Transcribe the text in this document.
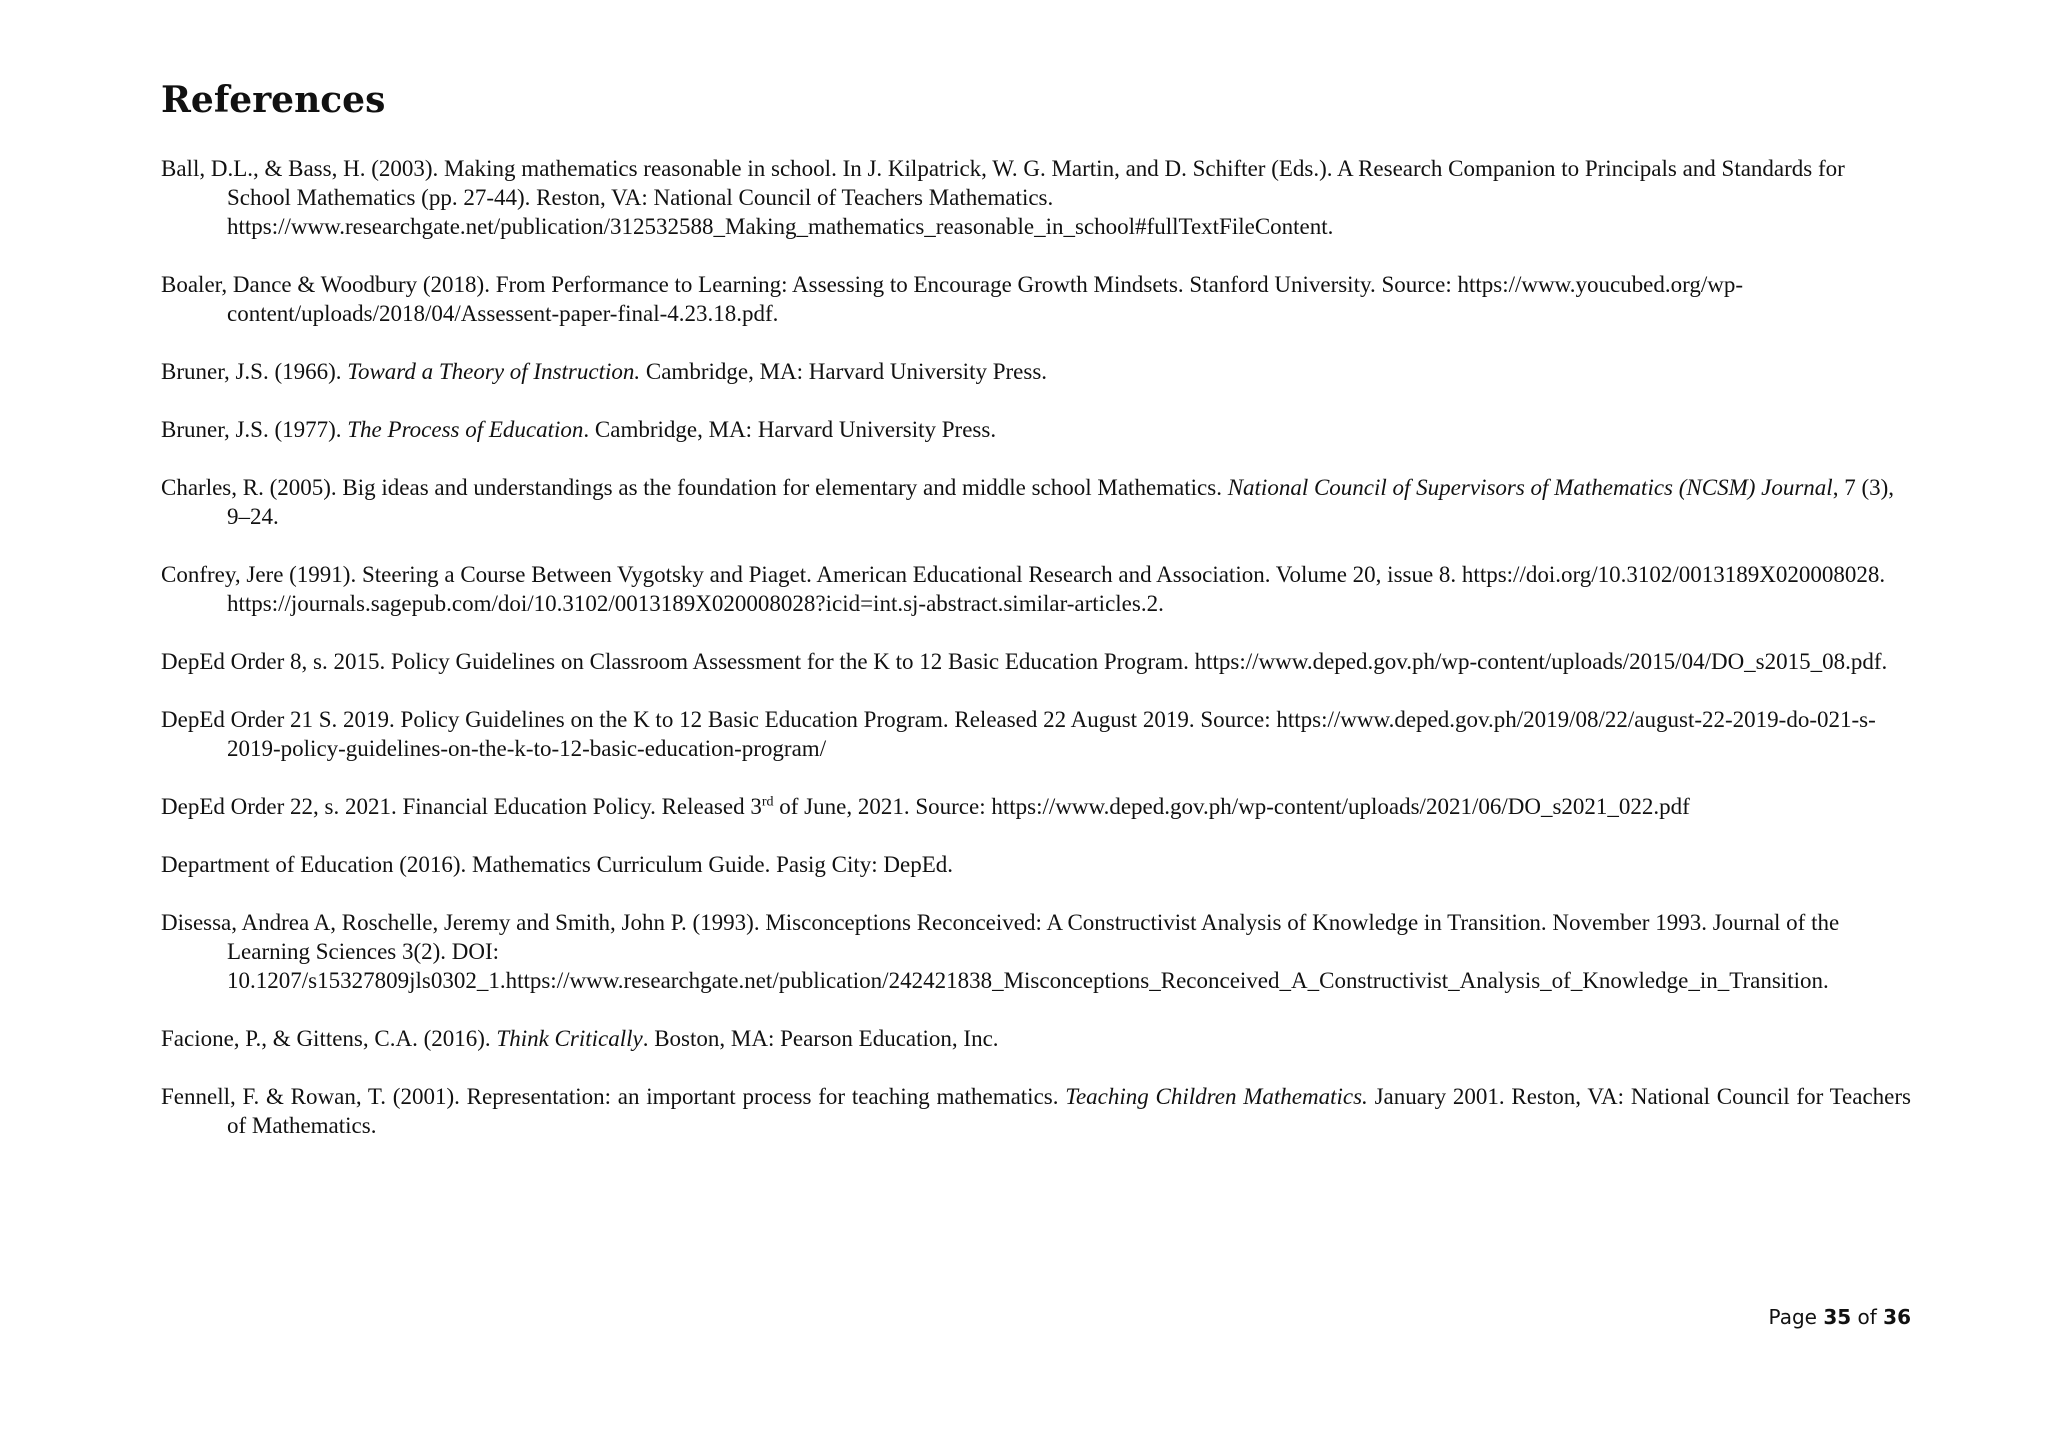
References
Ball, D.L., & Bass, H. (2003). Making mathematics reasonable in school. In J. Kilpatrick, W. G. Martin, and D. Schifter (Eds.). A Research Companion to Principals and Standards for School Mathematics (pp. 27-44). Reston, VA: National Council of Teachers Mathematics. https://www.researchgate.net/publication/312532588_Making_mathematics_reasonable_in_school#fullTextFileContent.
Boaler, Dance & Woodbury (2018). From Performance to Learning: Assessing to Encourage Growth Mindsets. Stanford University. Source: https://www.youcubed.org/wp-content/uploads/2018/04/Assessent-paper-final-4.23.18.pdf.
Bruner, J.S. (1966). Toward a Theory of Instruction. Cambridge, MA: Harvard University Press.
Bruner, J.S. (1977). The Process of Education. Cambridge, MA: Harvard University Press.
Charles, R. (2005). Big ideas and understandings as the foundation for elementary and middle school Mathematics. National Council of Supervisors of Mathematics (NCSM) Journal, 7 (3), 9–24.
Confrey, Jere (1991). Steering a Course Between Vygotsky and Piaget. American Educational Research and Association. Volume 20, issue 8. https://doi.org/10.3102/0013189X020008028. https://journals.sagepub.com/doi/10.3102/0013189X020008028?icid=int.sj-abstract.similar-articles.2.
DepEd Order 8, s. 2015. Policy Guidelines on Classroom Assessment for the K to 12 Basic Education Program. https://www.deped.gov.ph/wp-content/uploads/2015/04/DO_s2015_08.pdf.
DepEd Order 21 S. 2019. Policy Guidelines on the K to 12 Basic Education Program. Released 22 August 2019. Source: https://www.deped.gov.ph/2019/08/22/august-22-2019-do-021-s-2019-policy-guidelines-on-the-k-to-12-basic-education-program/
DepEd Order 22, s. 2021. Financial Education Policy. Released 3rd of June, 2021. Source: https://www.deped.gov.ph/wp-content/uploads/2021/06/DO_s2021_022.pdf
Department of Education (2016). Mathematics Curriculum Guide. Pasig City: DepEd.
Disessa, Andrea A, Roschelle, Jeremy and Smith, John P. (1993). Misconceptions Reconceived: A Constructivist Analysis of Knowledge in Transition. November 1993. Journal of the Learning Sciences 3(2). DOI: 10.1207/s15327809jls0302_1.https://www.researchgate.net/publication/242421838_Misconceptions_Reconceived_A_Constructivist_Analysis_of_Knowledge_in_Transition.
Facione, P., & Gittens, C.A. (2016). Think Critically. Boston, MA: Pearson Education, Inc.
Fennell, F. & Rowan, T. (2001). Representation: an important process for teaching mathematics. Teaching Children Mathematics. January 2001. Reston, VA: National Council for Teachers of Mathematics.
Page 35 of 36
